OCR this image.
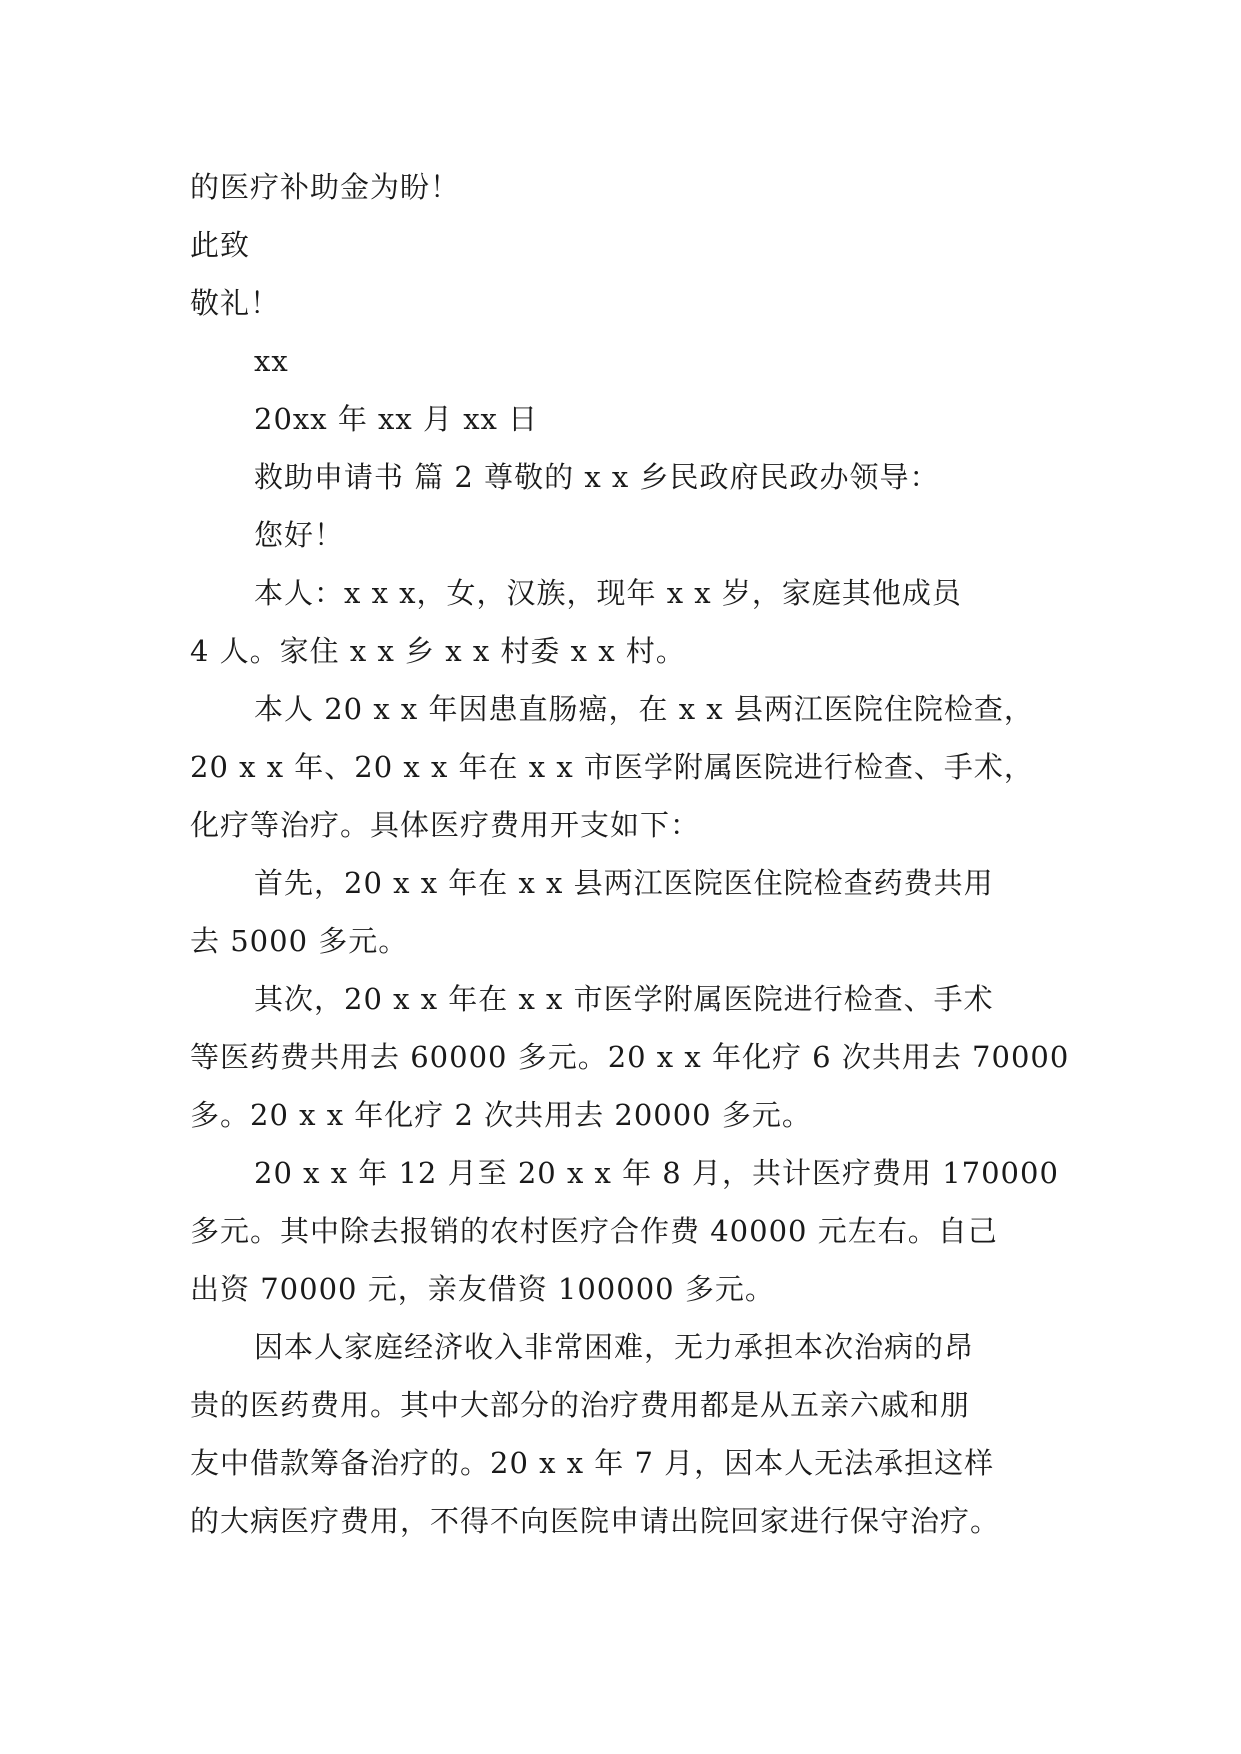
的医疗补助金为盼！
此致
敬礼！
xx
20xx 年 xx 月 xx 日
救助申请书 篇 2 尊敬的 x x 乡民政府民政办领导：
您好！
本人：x x x，女，汉族，现年 x x 岁，家庭其他成员
4 人。家住 x x 乡 x x 村委 x x 村。
本人 20 x x 年因患直肠癌，在 x x 县两江医院住院检查，
20 x x 年、20 x x 年在 x x 市医学附属医院进行检查、手术，
化疗等治疗。具体医疗费用开支如下：
首先，20 x x 年在 x x 县两江医院医住院检查药费共用
去 5000 多元。
其次，20 x x 年在 x x 市医学附属医院进行检查、手术
等医药费共用去 60000 多元。20 x x 年化疗 6 次共用去 70000
多。20 x x 年化疗 2 次共用去 20000 多元。
20 x x 年 12 月至 20 x x 年 8 月，共计医疗费用 170000
多元。其中除去报销的农村医疗合作费 40000 元左右。自己
出资 70000 元，亲友借资 100000 多元。
因本人家庭经济收入非常困难，无力承担本次治病的昂
贵的医药费用。其中大部分的治疗费用都是从五亲六戚和朋
友中借款筹备治疗的。20 x x 年 7 月，因本人无法承担这样
的大病医疗费用，不得不向医院申请出院回家进行保守治疗。
